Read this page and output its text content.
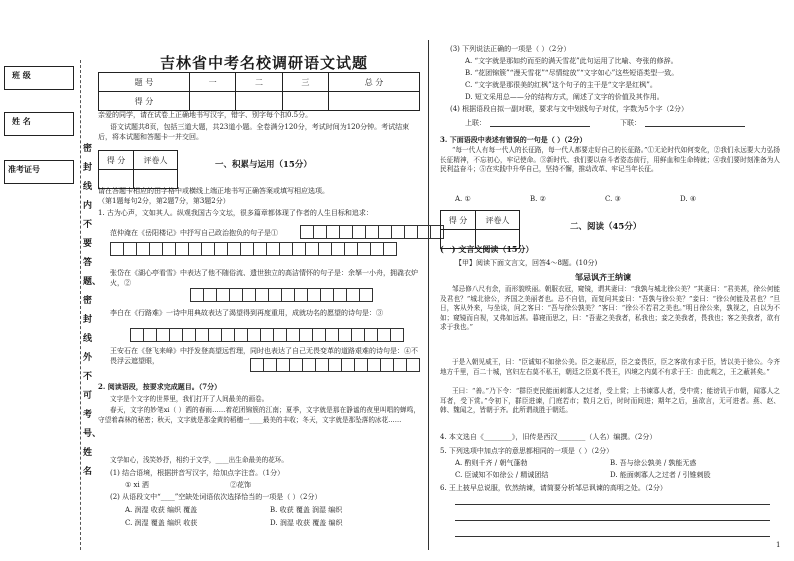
班 级
姓 名
准考证号
密封线内不要答题、密封线外不可考号、姓名
吉林省中考名校调研语文试题
题 号	一	二	三	总 分
得 分				
亲爱的同学，请在试卷上正确地书写汉字，错字、别字每个扣0.5分。
语文试题共8页，包括三道大题，共23道小题。全卷满分120分，考试时间为120分钟。考试结束后，将本试题和答题卡一并交回。
得 分	评卷人
		一、积累与运用（15分）
请在答题卡相应的田字格中或横线上端正地书写正确答案或填写相应选项。
（第1题每句2分，第2题7分，第3题2分）
1. 古为心声，文如其人。纵观我国古今文坛，很多篇章都体现了作者的人生目标和追求：
范仲淹在《岳阳楼记》中抒写自己政治抱负的句子是①
张岱在《湖心亭看雪》中表达了他不随俗流、遗世独立的高洁情怀的句子是：余拏一小舟，拥毳衣炉火，②
李白在《行路难》一诗中用典故表达了渴望得到再度重用，成就功名的愿望的诗句是：③
王安石在《登飞来峰》中抒发登高望远哲理，同时也表达了自己无畏变革的道路艰难的诗句是：④不畏浮云遮望眼，
2. 阅读语段，按要求完成题目。（7分）
文字是个文字的世界里，我们打开了人间最美的画卷。
春天，文字的妙笔xi（ ）洒的春雨……着花团锦簇的江南；夏季，文字就是那在静谧的夜里叫唱的蝉鸣，守望着森林的秘密；秋天，文字就是那金黄的稻穗一____最美的丰收；冬天，文字就是那坠落的冰花……
文学如心，浅笑妙抒，相约于文学，____出生命最美的花环。
(1) 结合语境，根据拼音写汉字，给加点字注音。（1分）
① xi 洒	②花饰
(2) 从语段文中“____”空缺处词语依次选择恰当的一项是（ ）（2分）
A. 润湿 收获 编织 覆盖	B. 收获 覆盖 润湿 编织
C. 润湿 覆盖 编织 收获	D. 润湿 收获 覆盖 编织
(3) 下列说法正确的一项是（ ）（2分）
A. “文字就是那如约而至的满天雪花”此句运用了比喻、夸张的修辞。
B. “花团锦簇”“漫天雪花”“尽情绽放”“文字如心”这些短语类型一致。
C. “文字就是那很美的红枫”这个句子的主干是“文字是红枫”。
D. 短文采用总——分的结构方式，阐述了文字的价值及其作用。
(4) 根据语段自拟一副对联，要求与文中划线句子对仗，字数为5个字（2分）
上联：	下联：
3. 下面语段中表述有错误的一句是（ ）（2分）
“每一代人有每一代人的长征路，每一代人都要走好自己的长征路。”①无论时代如何变化，②我们永远要大力弘扬长征精神，不忘初心，牢记使命。③新时代、我们要以奋斗者姿态前行，用鲜血和生命铸就；④我们要时刻准备为人民利益奋斗；⑤在实践中升华自己，坚持不懈，推动改革、牢记当年长征。
A. ①	B. ②	C. ③	D. ④
得 分	评卷人

二、阅读（45分）
(一) 文言文阅读（15分）
【甲】阅读下面文言文，回答4～8题。(10分)
邹忌讽齐王纳谏
邹忌修八尺有余，而形貌昳丽。朝服衣冠，窥镜，谓其妻曰：“我孰与城北徐公美？”其妻曰：“君美甚，徐公何能及君也？”城北徐公，齐国之美丽者也。忌不自信，而复问其妾曰：“吾孰与徐公美？”妾曰：“徐公何能及君也？”旦日，客从外来，与坐谈，问之客曰：“吾与徐公孰美？”客曰：“徐公不若君之美也。”明日徐公来，孰视之，自以为不如；窥镜而自视，又弗如远甚。暮寝而思之，曰：“吾妻之美我者，私我也；妾之美我者，畏我也；客之美我者，欲有求于我也。”
于是入朝见威王，曰：“臣诚知不如徐公美。臣之妻私臣，臣之妾畏臣，臣之客欲有求于臣，皆以美于徐公。今齐地方千里，百二十城，宫妇左右莫不私王，朝廷之臣莫不畏王，四境之内莫不有求于王：由此观之，王之蔽甚矣。”
王曰：“善。”乃下令：“群臣吏民能面刺寡人之过者，受上赏；上书谏寡人者，受中赏；能谤讥于市朝，闻寡人之耳者，受下赏。”令初下，群臣进谏，门庭若市；数月之后，时时而间进；期年之后，虽欲言，无可进者。燕、赵、韩、魏闻之，皆朝于齐。此所谓战胜于朝廷。
4. 本文选自《________》，旧传是西汉________（人名）编撰。（2分）
5. 下列选项中加点字的意思都相同的一项是（ ）（2分）
A. 酌则千齐 / 朝气蓬勃	B. 吾与徐公孰美 / 孰能无惑
C. 臣诚知不如徐公 / 精诚团结	D. 能面刺寡人之过者 / 引锥刺股
6. 王上披早总说服，钦然纳谏，请简要分析邹忌讽谏的高明之处。（2分）
1
